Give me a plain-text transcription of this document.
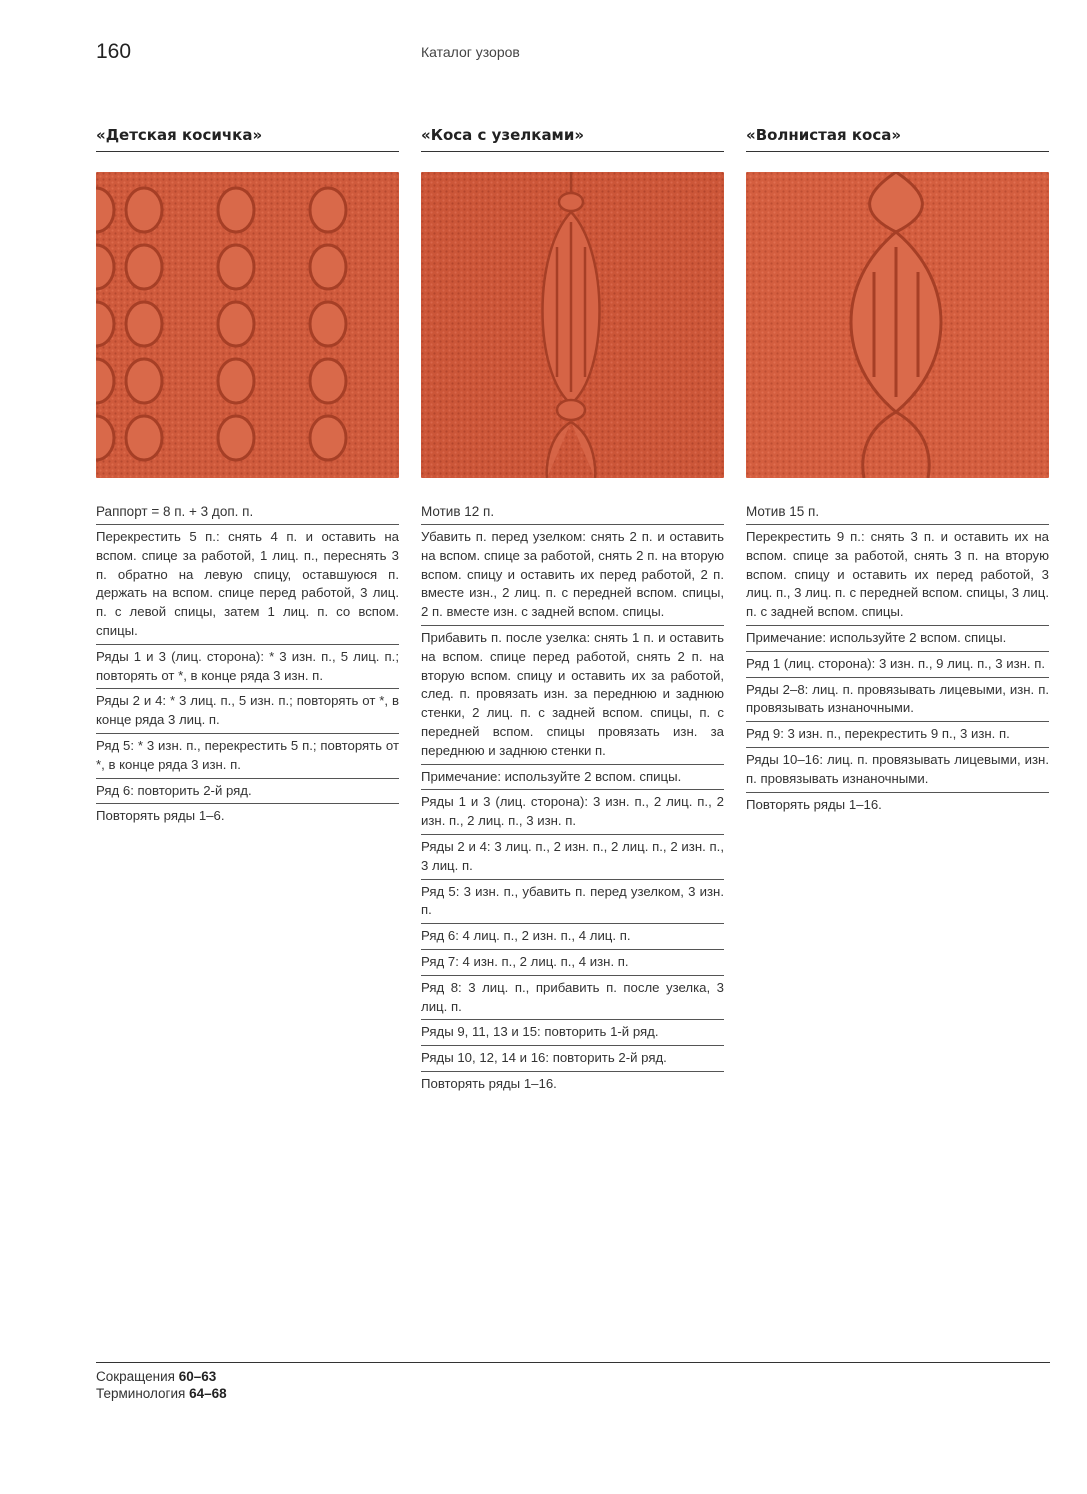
160	Каталог узоров
«Детская косичка»
Раппорт = 8 п. + 3 доп. п.

Перекрестить 5 п.: снять 4 п. и оставить на вспом. спице за работой, 1 лиц. п., переснять 3 п. обратно на левую спицу, оставшуюся п. держать на вспом. спице перед работой, 3 лиц. п. с левой спицы, затем 1 лиц. п. со вспом. спицы.

Ряды 1 и 3 (лиц. сторона): * 3 изн. п., 5 лиц. п.; повторять от *, в конце ряда 3 изн. п.

Ряды 2 и 4: * 3 лиц. п., 5 изн. п.; повторять от *, в конце ряда 3 лиц. п.

Ряд 5: * 3 изн. п., перекрестить 5 п.; повторять от *, в конце ряда 3 изн. п.

Ряд 6: повторить 2-й ряд.

Повторять ряды 1–6.

«Коса с узелками»
Мотив 12 п.

Убавить п. перед узелком: снять 2 п. и оставить на вспом. спице за работой, снять 2 п. на вторую вспом. спицу и оставить их перед работой, 2 п. вместе изн., 2 лиц. п. с передней вспом. спицы, 2 п. вместе изн. с задней вспом. спицы.

Прибавить п. после узелка: снять 1 п. и оставить на вспом. спице перед работой, снять 2 п. на вторую вспом. спицу и оставить их за работой, след. п. провязать изн. за переднюю и заднюю стенки, 2 лиц. п. с задней вспом. спицы, п. с передней вспом. спицы провязать изн. за переднюю и заднюю стенки п.

Примечание: используйте 2 вспом. спицы.

Ряды 1 и 3 (лиц. сторона): 3 изн. п., 2 лиц. п., 2 изн. п., 2 лиц. п., 3 изн. п.

Ряды 2 и 4: 3 лиц. п., 2 изн. п., 2 лиц. п., 2 изн. п., 3 лиц. п.

Ряд 5: 3 изн. п., убавить п. перед узелком, 3 изн. п.

Ряд 6: 4 лиц. п., 2 изн. п., 4 лиц. п.

Ряд 7: 4 изн. п., 2 лиц. п., 4 изн. п.

Ряд 8: 3 лиц. п., прибавить п. после узелка, 3 лиц. п.

Ряды 9, 11, 13 и 15: повторить 1-й ряд.

Ряды 10, 12, 14 и 16: повторить 2-й ряд.

Повторять ряды 1–16.

«Волнистая коса»
Мотив 15 п.

Перекрестить 9 п.: снять 3 п. и оставить их на вспом. спице за работой, снять 3 п. на вторую вспом. спицу и оставить их перед работой, 3 лиц. п., 3 лиц. п. с передней вспом. спицы, 3 лиц. п. с задней вспом. спицы.

Примечание: используйте 2 вспом. спицы.

Ряд 1 (лиц. сторона): 3 изн. п., 9 лиц. п., 3 изн. п.

Ряды 2–8: лиц. п. провязывать лицевыми, изн. п. провязывать изнаночными.

Ряд 9: 3 изн. п., перекрестить 9 п., 3 изн. п.

Ряды 10–16: лиц. п. провязывать лицевыми, изн. п. провязывать изнаночными.

Повторять ряды 1–16.

Сокращения 60–63
Терминология 64–68
